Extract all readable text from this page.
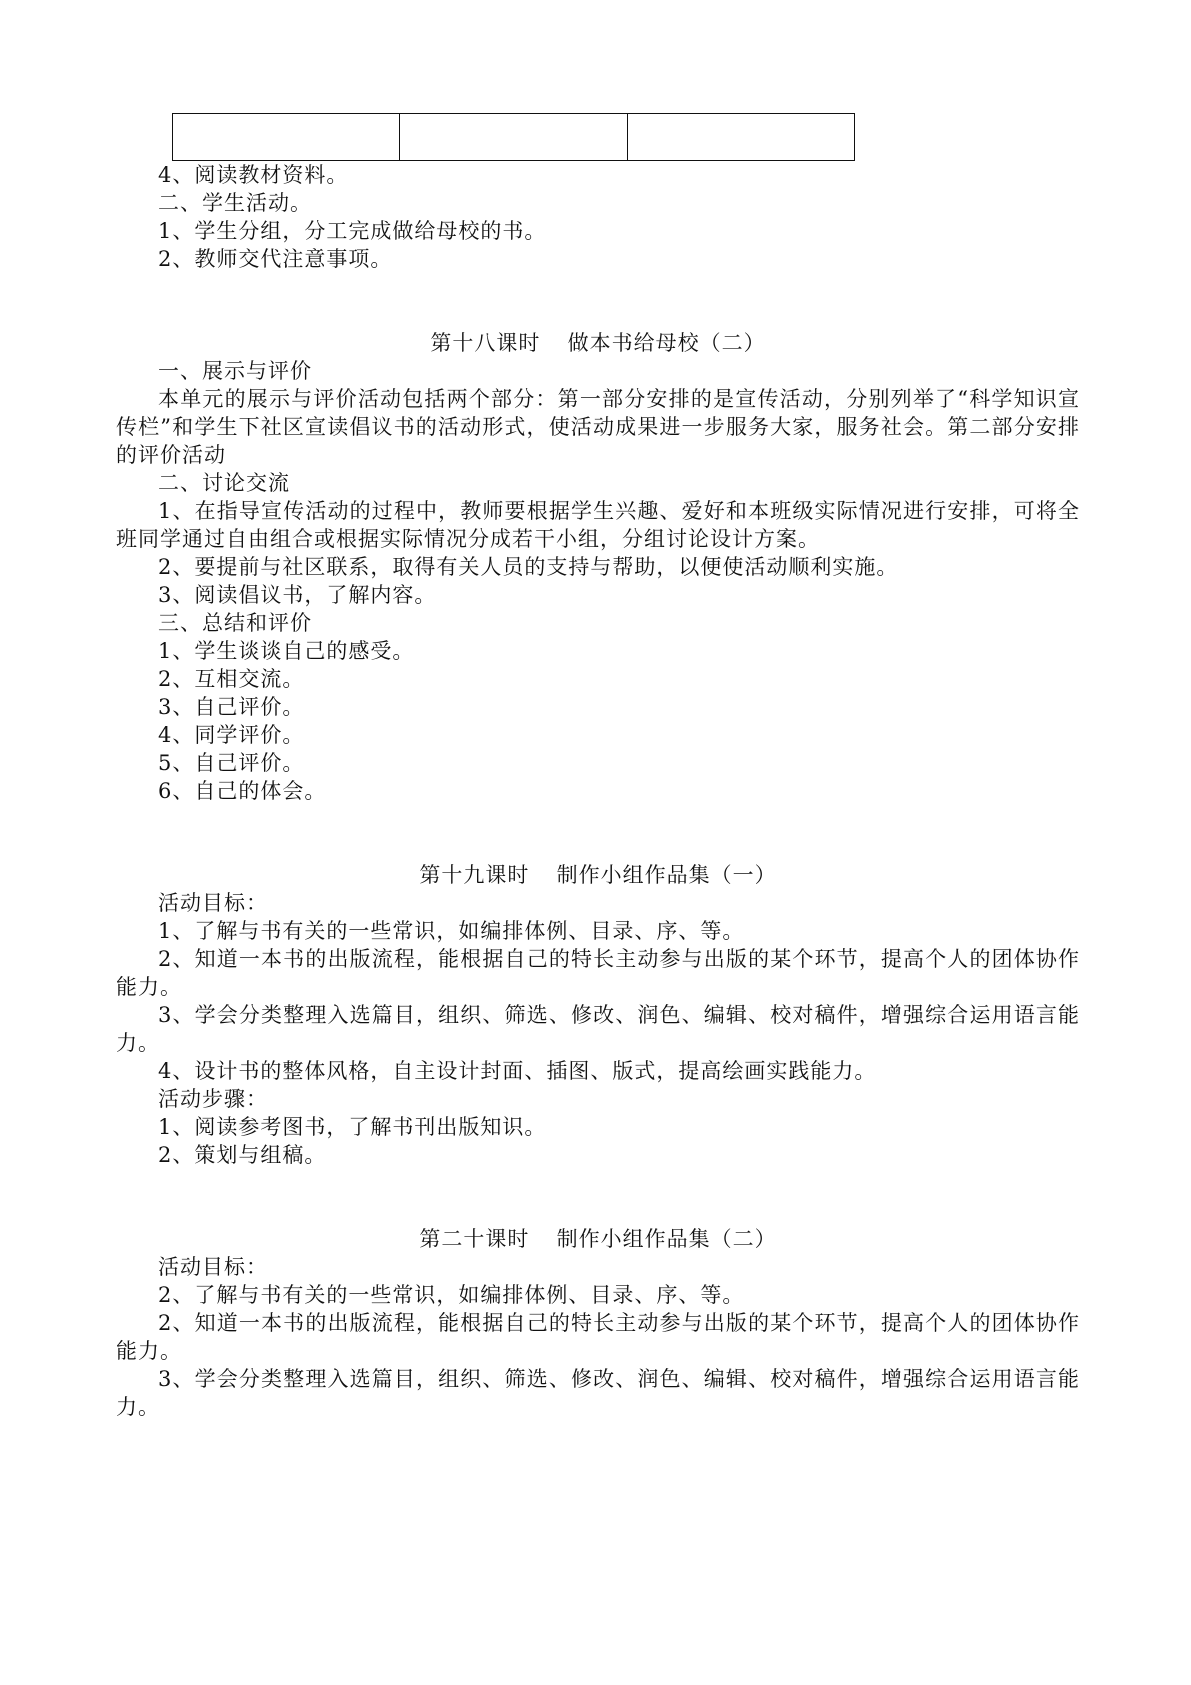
4、阅读教材资料。

二、学生活动。

1、学生分组，分工完成做给母校的书。

2、教师交代注意事项。

第十八课时 做本书给母校（二）

一、展示与评价

本单元的展示与评价活动包括两个部分：第一部分安排的是宣传活动，分别列举了“科学知识宣传栏”和学生下社区宣读倡议书的活动形式，使活动成果进一步服务大家，服务社会。第二部分安排的评价活动

二、讨论交流

1、在指导宣传活动的过程中，教师要根据学生兴趣、爱好和本班级实际情况进行安排，可将全班同学通过自由组合或根据实际情况分成若干小组，分组讨论设计方案。

2、要提前与社区联系，取得有关人员的支持与帮助，以便使活动顺利实施。

3、阅读倡议书，了解内容。

三、总结和评价

1、学生谈谈自己的感受。

2、互相交流。

3、自己评价。

4、同学评价。

5、自己评价。

6、自己的体会。

第十九课时 制作小组作品集（一）

活动目标：

1、了解与书有关的一些常识，如编排体例、目录、序、等。

2、知道一本书的出版流程，能根据自己的特长主动参与出版的某个环节，提高个人的团体协作能力。

3、学会分类整理入选篇目，组织、筛选、修改、润色、编辑、校对稿件，增强综合运用语言能力。

4、设计书的整体风格，自主设计封面、插图、版式，提高绘画实践能力。

活动步骤：

1、阅读参考图书，了解书刊出版知识。

2、策划与组稿。

第二十课时 制作小组作品集（二）

活动目标：

2、了解与书有关的一些常识，如编排体例、目录、序、等。

2、知道一本书的出版流程，能根据自己的特长主动参与出版的某个环节，提高个人的团体协作能力。

3、学会分类整理入选篇目，组织、筛选、修改、润色、编辑、校对稿件，增强综合运用语言能力。
